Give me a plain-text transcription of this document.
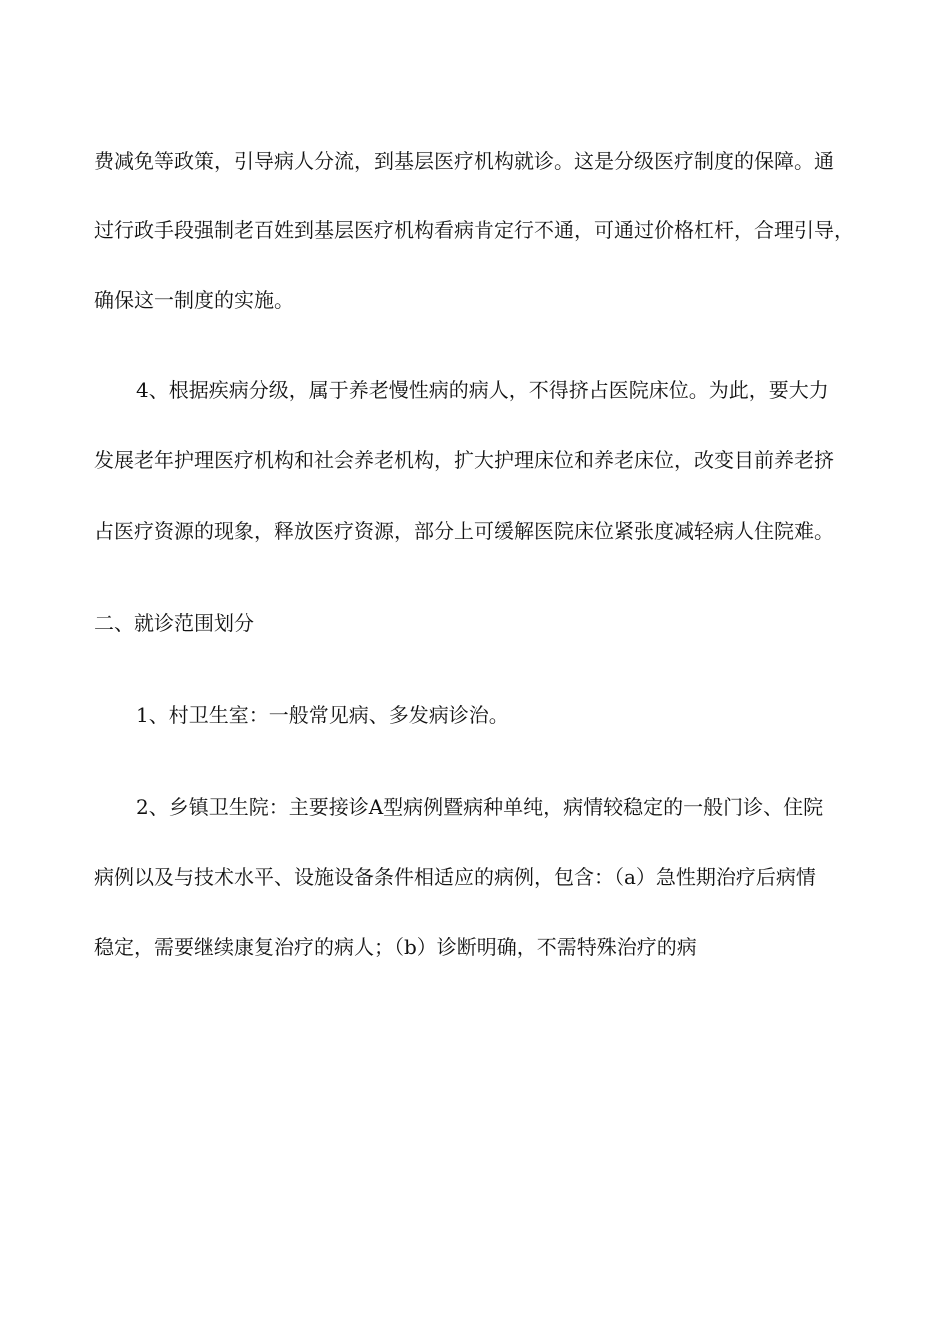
费减免等政策，引导病人分流，到基层医疗机构就诊。这是分级医疗制度的保障。通
过行政手段强制老百姓到基层医疗机构看病肯定行不通，可通过价格杠杆，合理引导，
确保这一制度的实施。
4、根据疾病分级，属于养老慢性病的病人，不得挤占医院床位。为此，要大力
发展老年护理医疗机构和社会养老机构，扩大护理床位和养老床位，改变目前养老挤
占医疗资源的现象，释放医疗资源，部分上可缓解医院床位紧张度减轻病人住院难。
二、就诊范围划分
1、村卫生室：一般常见病、多发病诊治。
2、乡镇卫生院：主要接诊A型病例暨病种单纯，病情较稳定的一般门诊、住院
病例以及与技术水平、设施设备条件相适应的病例，包含：（a）急性期治疗后病情
稳定，需要继续康复治疗的病人；（b）诊断明确，不需特殊治疗的病
